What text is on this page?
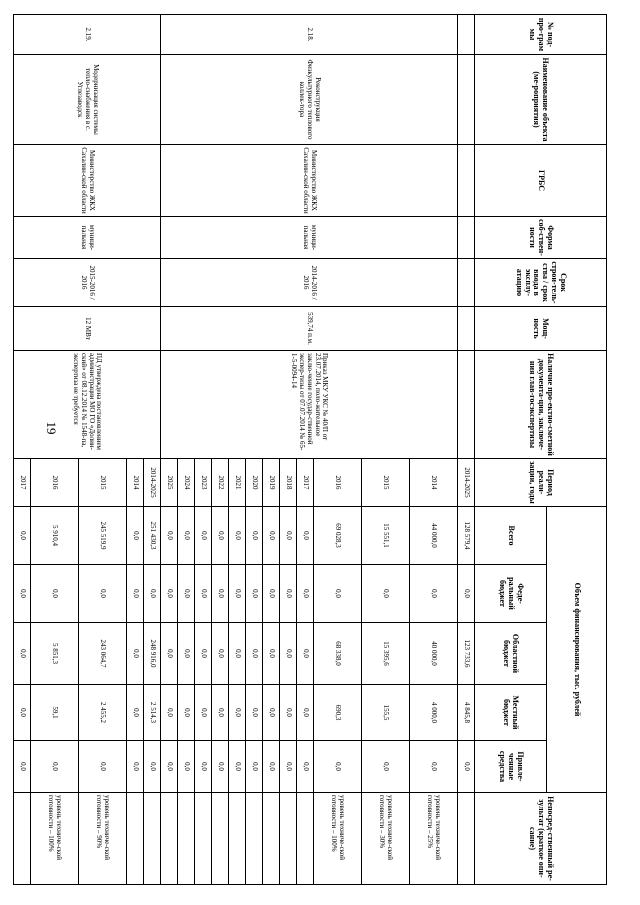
19
№ под-про-грам мы	Наименование объекта (ме-роприятия)	ГРБС	Форма соб-ствен-ности	Срок строи-тель-ства / срок ввода в эксплу-атацию	Мощ-ность	Наличие про-ектно-сметной документа-ции, заключе-ния глав-госэкспертизы	Период реали-зации, годы	Объем финансирования, тыс. рублей					Непосред-ственный ре-зультат (краткое опи-сание)
								Всего	Феде-ральный бюджет	Областной бюджет	Местный бюджет	Привле-ченные средства	
							2014-2025	128 579,4	0,0	123 733,6	4 845,8	0,0	
2.18.	Реконструкция Физкультурного теплового коллек-тора	Министерство ЖКХ Сахалин-ской области	муници-пальная	2014-2016 / 2016	539,74 п.м.	Приказ МКУ УКС № 40/П от 23.07.2014, поло-жительное заклю-чение государ-ственной экспер-тизы от 07.07.2014 № 65-1-5-0094-14	2014	44 000,0	0,0	40 000,0	4 000,0	0,0	уровень техниче-ской готовности – 25%
							2015	15 551,1	0,0	15 395,6	155,5	0,0	уровень техниче-ской готовности – 30%
							2016	69 028,3	0,0	68 338,0	690,3	0,0	уровень техниче-ской готовности – 100%
							2017	0,0	0,0	0,0	0,0	0,0	
							2018	0,0	0,0	0,0	0,0	0,0	
							2019	0,0	0,0	0,0	0,0	0,0	
							2020	0,0	0,0	0,0	0,0	0,0	
							2021	0,0	0,0	0,0	0,0	0,0	
							2022	0,0	0,0	0,0	0,0	0,0	
							2023	0,0	0,0	0,0	0,0	0,0	
							2024	0,0	0,0	0,0	0,0	0,0	
							2025	0,0	0,0	0,0	0,0	0,0	
2.19.	Модернизация системы тепло-снабжения в с. Углезаводск	Министерство ЖКХ Сахалин-ской области	муници-пальная	2015-2016 / 2016	12 МВт	ПД утверждена постановлением администрации МО ГО «Долин-ский» от 08.12.2014 № 1548-па, экспертиза не требуется	2014-2025	251 430,3	0,0	248 916,0	2 514,3	0,0	
							2014	0,0	0,0	0,0	0,0	0,0	
							2015	245 519,9	0,0	243 064,7	2 455,2	0,0	уровень техниче-ской готовности – 90%
							2016	5 910,4	0,0	5 851,3	59,1	0,0	уровень техниче-ской готовности – 100%
							2017	0,0	0,0	0,0	0,0	0,0	
